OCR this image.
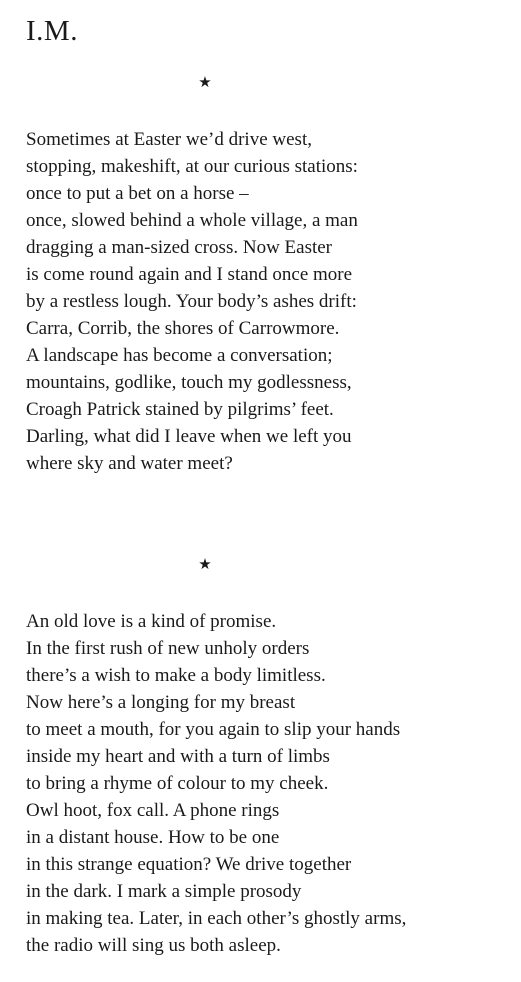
I.M.
★
Sometimes at Easter we’d drive west,
stopping, makeshift, at our curious stations:
once to put a bet on a horse –
once, slowed behind a whole village, a man
dragging a man-sized cross. Now Easter
is come round again and I stand once more
by a restless lough. Your body’s ashes drift:
Carra, Corrib, the shores of Carrowmore.
A landscape has become a conversation;
mountains, godlike, touch my godlessness,
Croagh Patrick stained by pilgrims’ feet.
Darling, what did I leave when we left you
where sky and water meet?
★
An old love is a kind of promise.
In the first rush of new unholy orders
there’s a wish to make a body limitless.
Now here’s a longing for my breast
to meet a mouth, for you again to slip your hands
inside my heart and with a turn of limbs
to bring a rhyme of colour to my cheek.
Owl hoot, fox call. A phone rings
in a distant house. How to be one
in this strange equation? We drive together
in the dark. I mark a simple prosody
in making tea. Later, in each other’s ghostly arms,
the radio will sing us both asleep.
